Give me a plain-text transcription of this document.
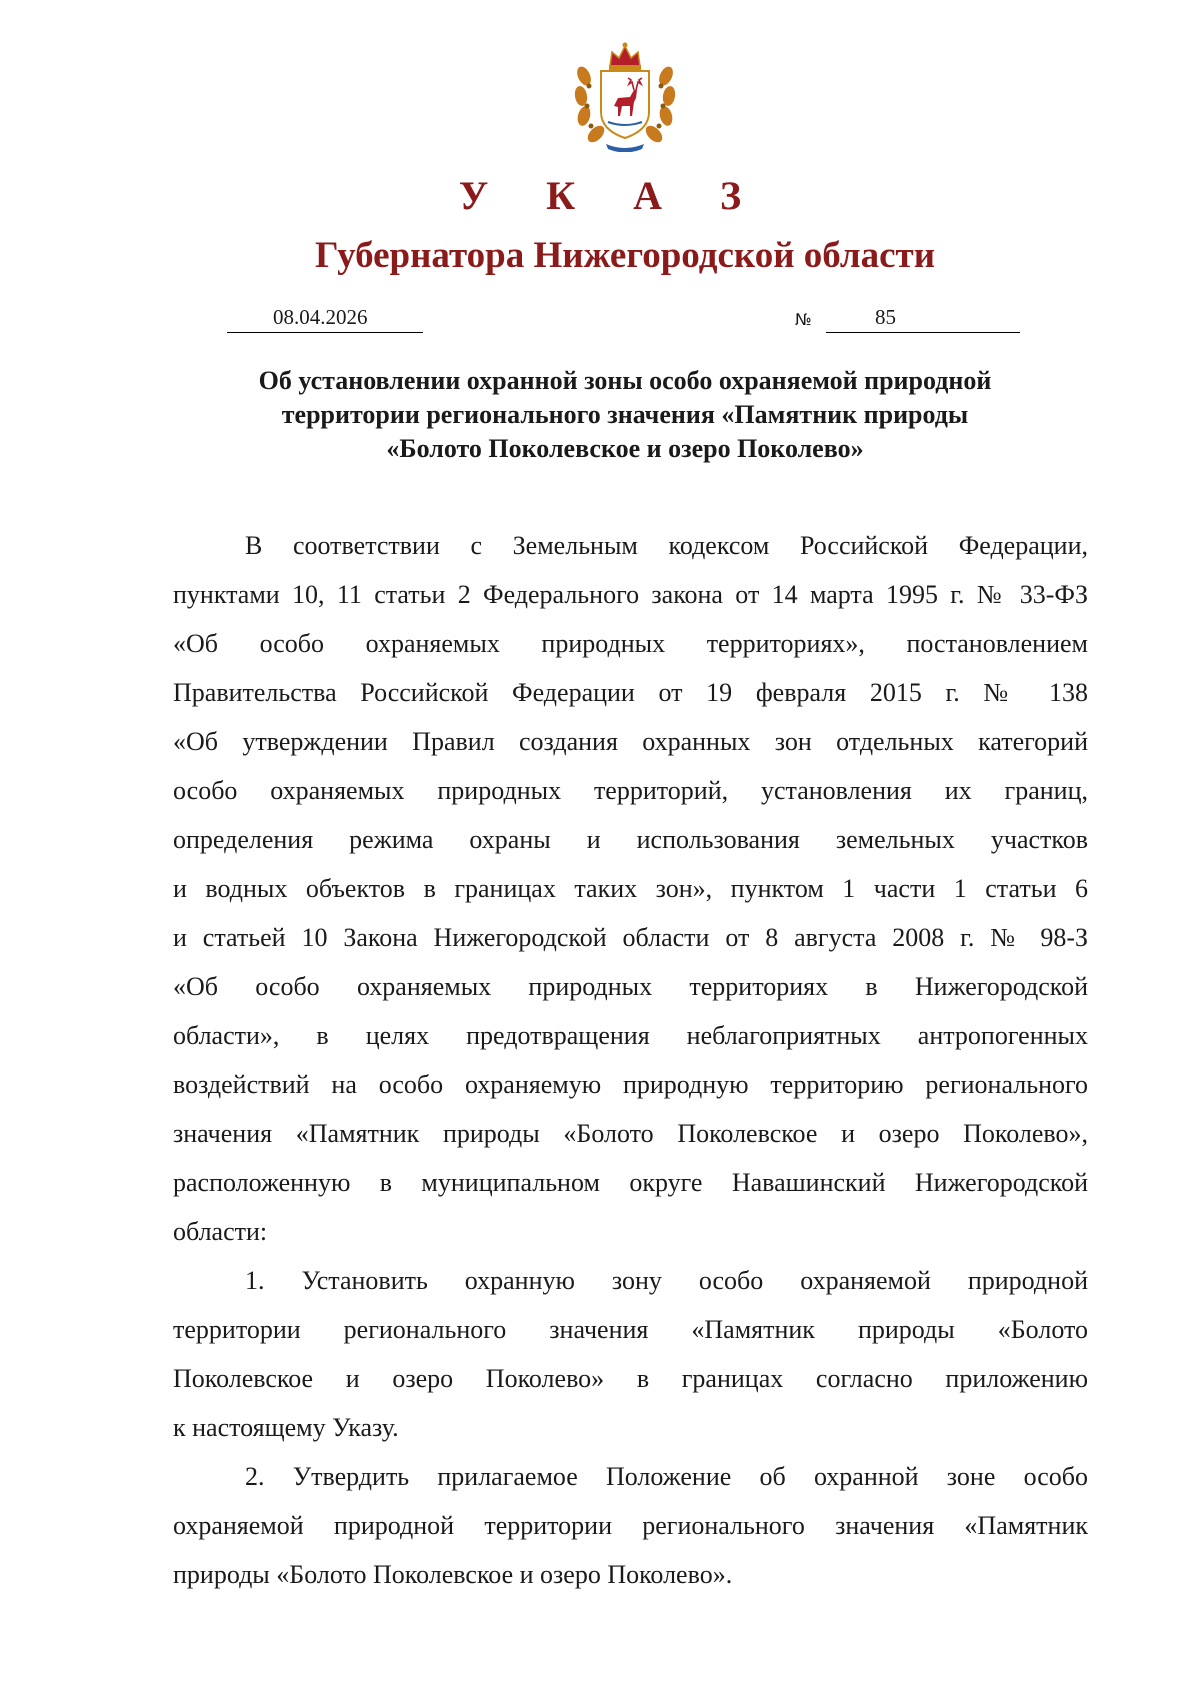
У К А З
Губернатора Нижегородской области
08.04.2026	№	85
Об установлении охранной зоны особо охраняемой природной
территории регионального значения «Памятник природы
«Болото Поколевское и озеро Поколево»
В соответствии с Земельным кодексом Российской Федерации,
пунктами 10, 11 статьи 2 Федерального закона от 14 марта 1995 г. № 33-ФЗ
«Об особо охраняемых природных территориях», постановлением
Правительства Российской Федерации от 19 февраля 2015 г. № 138
«Об утверждении Правил создания охранных зон отдельных категорий
особо охраняемых природных территорий, установления их границ,
определения режима охраны и использования земельных участков
и водных объектов в границах таких зон», пунктом 1 части 1 статьи 6
и статьей 10 Закона Нижегородской области от 8 августа 2008 г. № 98-З
«Об особо охраняемых природных территориях в Нижегородской
области», в целях предотвращения неблагоприятных антропогенных
воздействий на особо охраняемую природную территорию регионального
значения «Памятник природы «Болото Поколевское и озеро Поколево»,
расположенную в муниципальном округе Навашинский Нижегородской
области:
1. Установить охранную зону особо охраняемой природной
территории регионального значения «Памятник природы «Болото
Поколевское и озеро Поколево» в границах согласно приложению
к настоящему Указу.
2. Утвердить прилагаемое Положение об охранной зоне особо
охраняемой природной территории регионального значения «Памятник
природы «Болото Поколевское и озеро Поколево».
